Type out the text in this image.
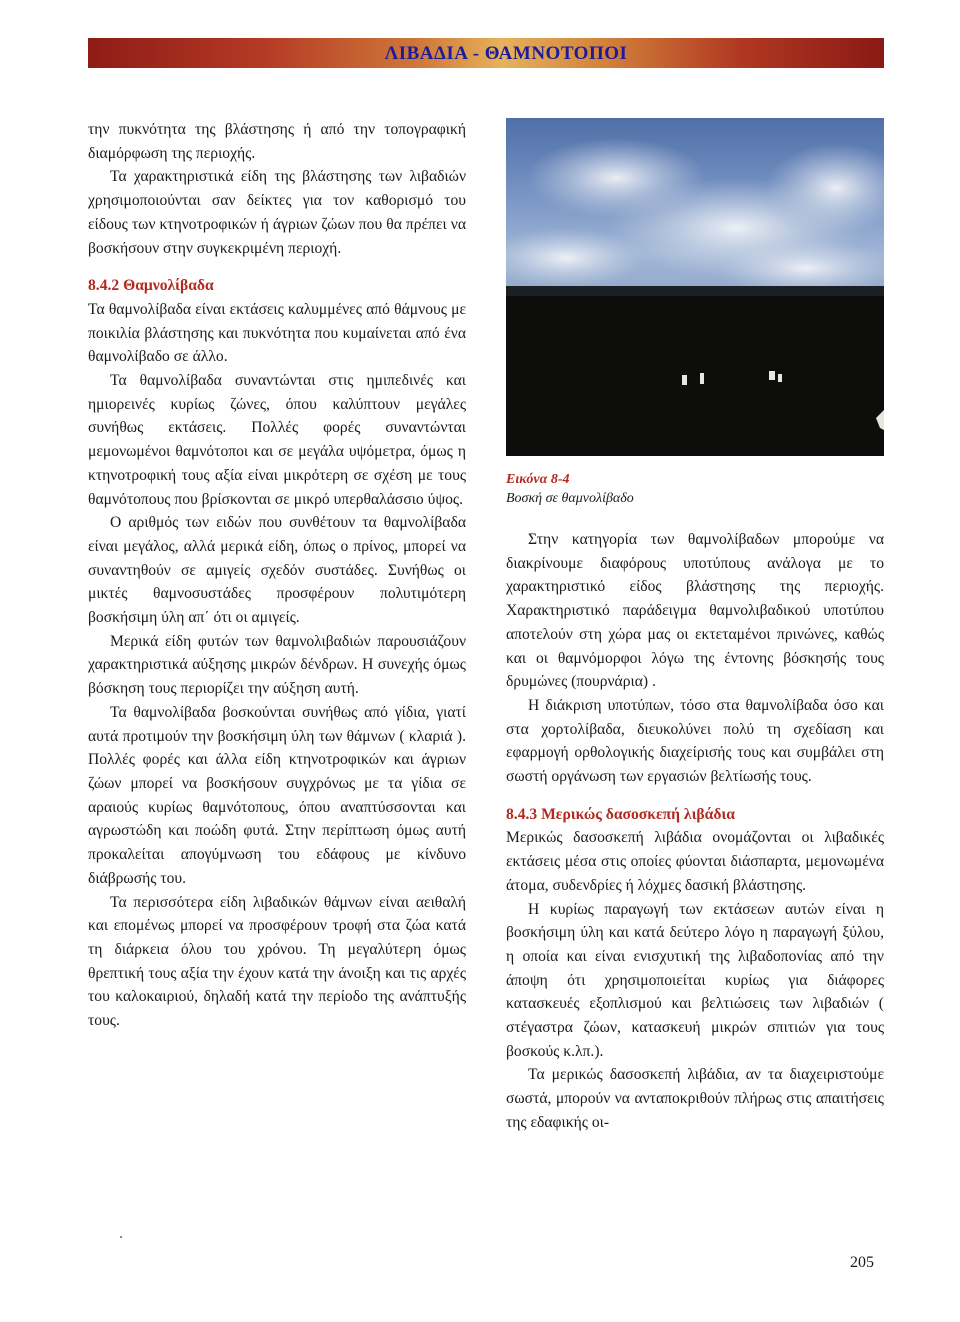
ΛΙΒΑΔΙΑ - ΘΑΜΝΟΤΟΠΟΙ

την πυκνότητα της βλάστησης ή από την τοπογραφική διαμόρφωση της περιοχής.

Τα χαρακτηριστικά είδη της βλάστησης των λιβαδιών χρησιμοποιούνται σαν δείκτες για τον καθορισμό του είδους των κτηνοτροφικών ή άγριων ζώων που θα πρέπει να βοσκήσουν στην συγκεκριμένη περιοχή.

8.4.2 Θαμνολίβαδα

Τα θαμνολίβαδα είναι εκτάσεις καλυμμένες από θάμνους με ποικιλία βλάστησης και πυκνότητα που κυμαίνεται από ένα θαμνολίβαδο σε άλλο.

Τα θαμνολίβαδα συναντώνται στις ημιπεδινές και ημιορεινές κυρίως ζώνες, όπου καλύπτουν μεγάλες συνήθως εκτάσεις. Πολλές φορές συναντώνται μεμονωμένοι θαμνότοποι και σε μεγάλα υψόμετρα, όμως η κτηνοτροφική τους αξία είναι μικρότερη σε σχέση με τους θαμνότοπους που βρίσκονται σε μικρό υπερθαλάσσιο ύψος.

Ο αριθμός των ειδών που συνθέτουν τα θαμνολίβαδα είναι μεγάλος, αλλά μερικά είδη, όπως ο πρίνος, μπορεί να συναντηθούν σε αμιγείς σχεδόν συστάδες. Συνήθως οι μικτές θαμνοσυστάδες προσφέρουν πολυτιμότερη βοσκήσιμη ύλη απ΄ ότι οι αμιγείς.

Μερικά είδη φυτών των θαμνολιβαδιών παρουσιάζουν χαρακτηριστικά αύξησης μικρών δένδρων. Η συνεχής όμως βόσκηση τους περιορίζει την αύξηση αυτή.

Τα θαμνολίβαδα βοσκούνται συνήθως από γίδια, γιατί αυτά προτιμούν την βοσκήσιμη ύλη των θάμνων ( κλαριά ). Πολλές φορές και άλλα είδη κτηνοτροφικών και άγριων ζώων μπορεί να βοσκήσουν συγχρόνως με τα γίδια σε αραιούς κυρίως θαμνότοπους, όπου αναπτύσσονται και αγρωστώδη και ποώδη φυτά. Στην περίπτωση όμως αυτή προκαλείται απογύμνωση του εδάφους με κίνδυνο διάβρωσής του.

Τα περισσότερα είδη λιβαδικών θάμνων είναι αειθαλή και επομένως μπορεί να προσφέρουν τροφή στα ζώα κατά τη διάρκεια όλου του χρόνου. Τη μεγαλύτερη όμως θρεπτική τους αξία την έχουν κατά την άνοιξη και τις αρχές του καλοκαιριού, δηλαδή κατά την περίοδο της ανάπτυξής τους.

Εικόνα 8-4
Βοσκή σε θαμνολίβαδο

Στην κατηγορία των θαμνολίβαδων μπορούμε να διακρίνουμε διαφόρους υποτύπους ανάλογα με το χαρακτηριστικό είδος βλάστησης της περιοχής. Χαρακτηριστικό παράδειγμα θαμνολιβαδικού υποτύπου αποτελούν στη χώρα μας οι εκτεταμένοι πρινώνες, καθώς και οι θαμνόμορφοι λόγω της έντονης βόσκησής τους δρυμώνες (πουρνάρια) .

Η διάκριση υποτύπων, τόσο στα θαμνολίβαδα όσο και στα χορτολίβαδα, διευκολύνει πολύ τη σχεδίαση και εφαρμογή ορθολογικής διαχείρισής τους και συμβάλει στη σωστή οργάνωση των εργασιών βελτίωσής τους.

8.4.3 Μερικώς δασοσκεπή λιβάδια

Μερικώς δασοσκεπή λιβάδια ονομάζονται οι λιβαδικές εκτάσεις μέσα στις οποίες φύονται διάσπαρτα, μεμονωμένα άτομα, συδενδρίες ή λόχμες δασική βλάστησης.

Η κυρίως παραγωγή των εκτάσεων αυτών είναι η βοσκήσιμη ύλη και κατά δεύτερο λόγο η παραγωγή ξύλου, η οποία και είναι ενισχυτική της λιβαδοπονίας από την άποψη ότι χρησιμοποιείται κυρίως για διάφορες κατασκευές εξοπλισμού και βελτιώσεις των λιβαδιών ( στέγαστρα ζώων, κατασκευή μικρών σπιτιών για τους βοσκούς κ.λπ.).

Τα μερικώς δασοσκεπή λιβάδια, αν τα διαχειριστούμε σωστά, μπορούν να ανταποκριθούν πλήρως στις απαιτήσεις της εδαφικής οι-

205
